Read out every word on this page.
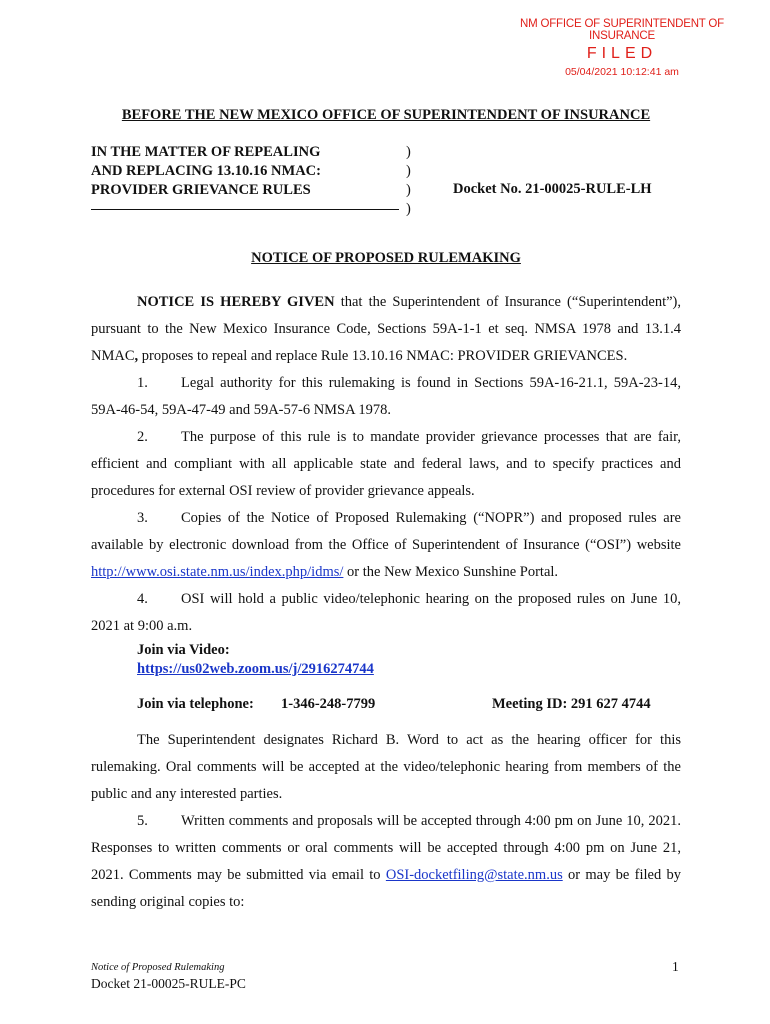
NM OFFICE OF SUPERINTENDENT OF INSURANCE
FILED
05/04/2021 10:12:41 am
BEFORE THE NEW MEXICO OFFICE OF SUPERINTENDENT OF INSURANCE
IN THE MATTER OF REPEALING
AND REPLACING 13.10.16 NMAC:
PROVIDER GRIEVANCE RULES
)
)
)
)
Docket No. 21-00025-RULE-LH
NOTICE OF PROPOSED RULEMAKING
NOTICE IS HEREBY GIVEN that the Superintendent of Insurance (“Superintendent”), pursuant to the New Mexico Insurance Code, Sections 59A-1-1 et seq. NMSA 1978 and 13.1.4 NMAC, proposes to repeal and replace Rule 13.10.16 NMAC: PROVIDER GRIEVANCES.
1. Legal authority for this rulemaking is found in Sections 59A-16-21.1, 59A-23-14, 59A-46-54, 59A-47-49 and 59A-57-6 NMSA 1978.
2. The purpose of this rule is to mandate provider grievance processes that are fair, efficient and compliant with all applicable state and federal laws, and to specify practices and procedures for external OSI review of provider grievance appeals.
3. Copies of the Notice of Proposed Rulemaking (“NOPR”) and proposed rules are available by electronic download from the Office of Superintendent of Insurance (“OSI”) website http://www.osi.state.nm.us/index.php/idms/ or the New Mexico Sunshine Portal.
4. OSI will hold a public video/telephonic hearing on the proposed rules on June 10, 2021 at 9:00 a.m.
Join via Video:
https://us02web.zoom.us/j/2916274744
Join via telephone: 1-346-248-7799	Meeting ID: 291 627 4744
The Superintendent designates Richard B. Word to act as the hearing officer for this rulemaking. Oral comments will be accepted at the video/telephonic hearing from members of the public and any interested parties.
5. Written comments and proposals will be accepted through 4:00 pm on June 10, 2021. Responses to written comments or oral comments will be accepted through 4:00 pm on June 21, 2021. Comments may be submitted via email to OSI-docketfiling@state.nm.us or may be filed by sending original copies to:
Notice of Proposed Rulemaking
Docket 21-00025-RULE-PC
1
